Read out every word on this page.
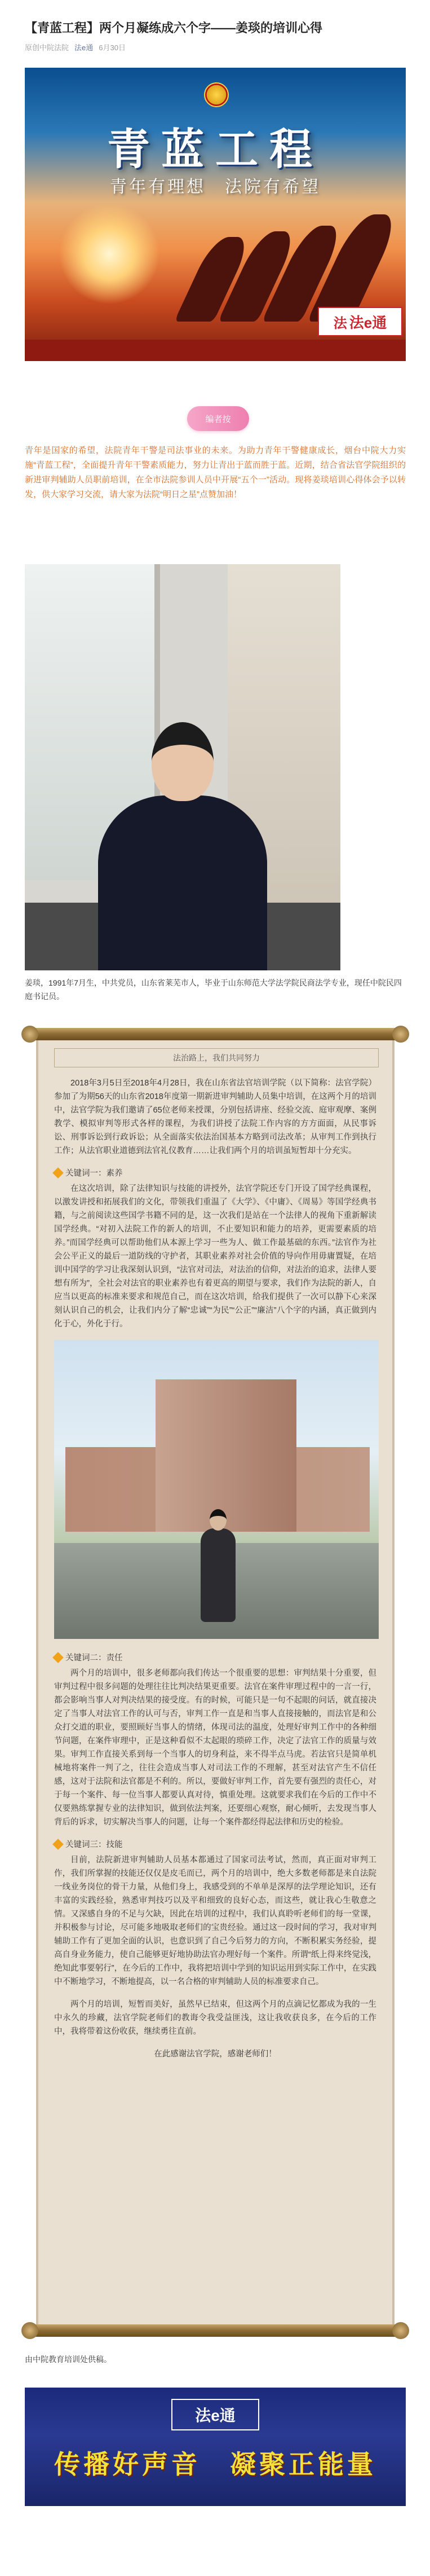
【青蓝工程】两个月凝练成六个字——姜琰的培训心得
原创中院法院 法e通 6月30日
青蓝工程
青年有理想　法院有希望
法 法e通
编者按
青年是国家的希望，法院青年干警是司法事业的未来。为助力青年干警健康成长，烟台中院大力实施“青蓝工程”，全面提升青年干警素质能力，努力让青出于蓝而胜于蓝。近期，结合省法官学院组织的新进审判辅助人员职前培训，在全市法院参训人员中开展“五个一”活动。现将姜琰培训心得体会予以转发，供大家学习交流，请大家为法院“明日之星”点赞加油！
姜琰，1991年7月生，中共党员，山东省莱芜市人，毕业于山东师范大学法学院民商法学专业，现任中院民四庭书记员。
法治路上，我们共同努力

2018年3月5日至2018年4月28日，我在山东省法官培训学院（以下简称：法官学院）参加了为期56天的山东省2018年度第一期新进审判辅助人员集中培训，在这两个月的培训中，法官学院为我们邀请了65位老师来授课，分别包括讲座、经验交流、庭审观摩、案例教学、模拟审判等形式各样的课程，为我们讲授了法院工作内容的方方面面，从民事诉讼、刑事诉讼到行政诉讼；从全面落实依法治国基本方略到司法改革；从审判工作到执行工作；从法官职业道德到法官礼仪教育……让我们两个月的培训虽短暂却十分充实。

关键词一：素养

在这次培训，除了法律知识与技能的讲授外，法官学院还专门开设了国学经典课程，以激发讲授和拓展我们的文化，带领我们重温了《大学》、《中庸》、《周易》等国学经典书籍，与之前阅读这些国学书籍不同的是，这一次我们是站在一个法律人的视角下重新解读国学经典。“对初入法院工作的新人的培训，不止要知识和能力的培养，更需要素质的培养。”而国学经典可以帮助他们从本源上学习一些为人、做工作最基础的东西。”法官作为社会公平正义的最后一道防线的守护者，其职业素养对社会价值的导向作用毋庸置疑，在培训中国学的学习让我深刻认识到，“法官对司法，对法治的信仰，对法治的追求，法律人要想有所为”，全社会对法官的职业素养也有着更高的期望与要求，我们作为法院的新人，自应当以更高的标准来要求和规范自己，而在这次培训，给我们提供了一次可以静下心来深刻认识自己的机会，让我们内分了解“忠诚”“为民”“公正”“廉洁”八个字的内涵，真正做到内化于心，外化于行。

关键词二：责任

两个月的培训中，很多老师都向我们传达一个很重要的思想：审判结果十分重要，但审判过程中很多问题的处理往往比判决结果更重要。法官在案件审理过程中的一言一行，都会影响当事人对判决结果的接受度。有的时候，可能只是一句不起眼的问话，就直接决定了当事人对法官工作的认可与否，审判工作一直是和当事人直接接触的，而法官是和公众打交道的职业，要照顾好当事人的情绪，体现司法的温度，处理好审判工作中的各种细节问题，在案件审理中，正是这种看似不太起眼的琐碎工作，决定了法官工作的质量与效果。审判工作直接关系到每一个当事人的切身利益，来不得半点马虎。若法官只是简单机械地将案件一判了之，往往会造成当事人对司法工作的不理解，甚至对法官产生不信任感，这对于法院和法官都是不利的。所以，要做好审判工作，首先要有强烈的责任心，对于每一个案件、每一位当事人都要认真对待，慎重处理。这就要求我们在今后的工作中不仅要熟练掌握专业的法律知识，做到依法判案，还要细心观察，耐心倾听，去发现当事人背后的诉求，切实解决当事人的问题，让每一个案件都经得起法律和历史的检验。

关键词三：技能

目前，法院新进审判辅助人员基本都通过了国家司法考试，然而，真正面对审判工作，我们所掌握的技能还仅仅是皮毛而已，两个月的培训中，绝大多数老师都是来自法院一线业务岗位的骨干力量，从他们身上，我感受到的不单单是深厚的法学理论知识，还有丰富的实践经验，熟悉审判技巧以及平和细致的良好心态，而这些，就让我心生敬意之情。又深感自身的不足与欠缺，因此在培训的过程中，我们认真聆听老师们的每一堂课，并积极参与讨论，尽可能多地吸取老师们的宝贵经验。通过这一段时间的学习，我对审判辅助工作有了更加全面的认识，也意识到了自己今后努力的方向，不断积累实务经验，提高自身业务能力，使自己能够更好地协助法官办理好每一个案件。所谓“纸上得来终觉浅，绝知此事要躬行”，在今后的工作中，我将把培训中学到的知识运用到实际工作中，在实践中不断地学习，不断地提高，以一名合格的审判辅助人员的标准要求自己。

两个月的培训，短暂而美好，虽然早已结束，但这两个月的点滴记忆都成为我的一生中永久的珍藏，法官学院老师们的教诲令我受益匪浅，这让我收获良多，在今后的工作中，我将带着这份收获，继续勇往直前。

在此感谢法官学院，感谢老师们！
由中院教育培训处供稿。
法e通
传播好声音　凝聚正能量
